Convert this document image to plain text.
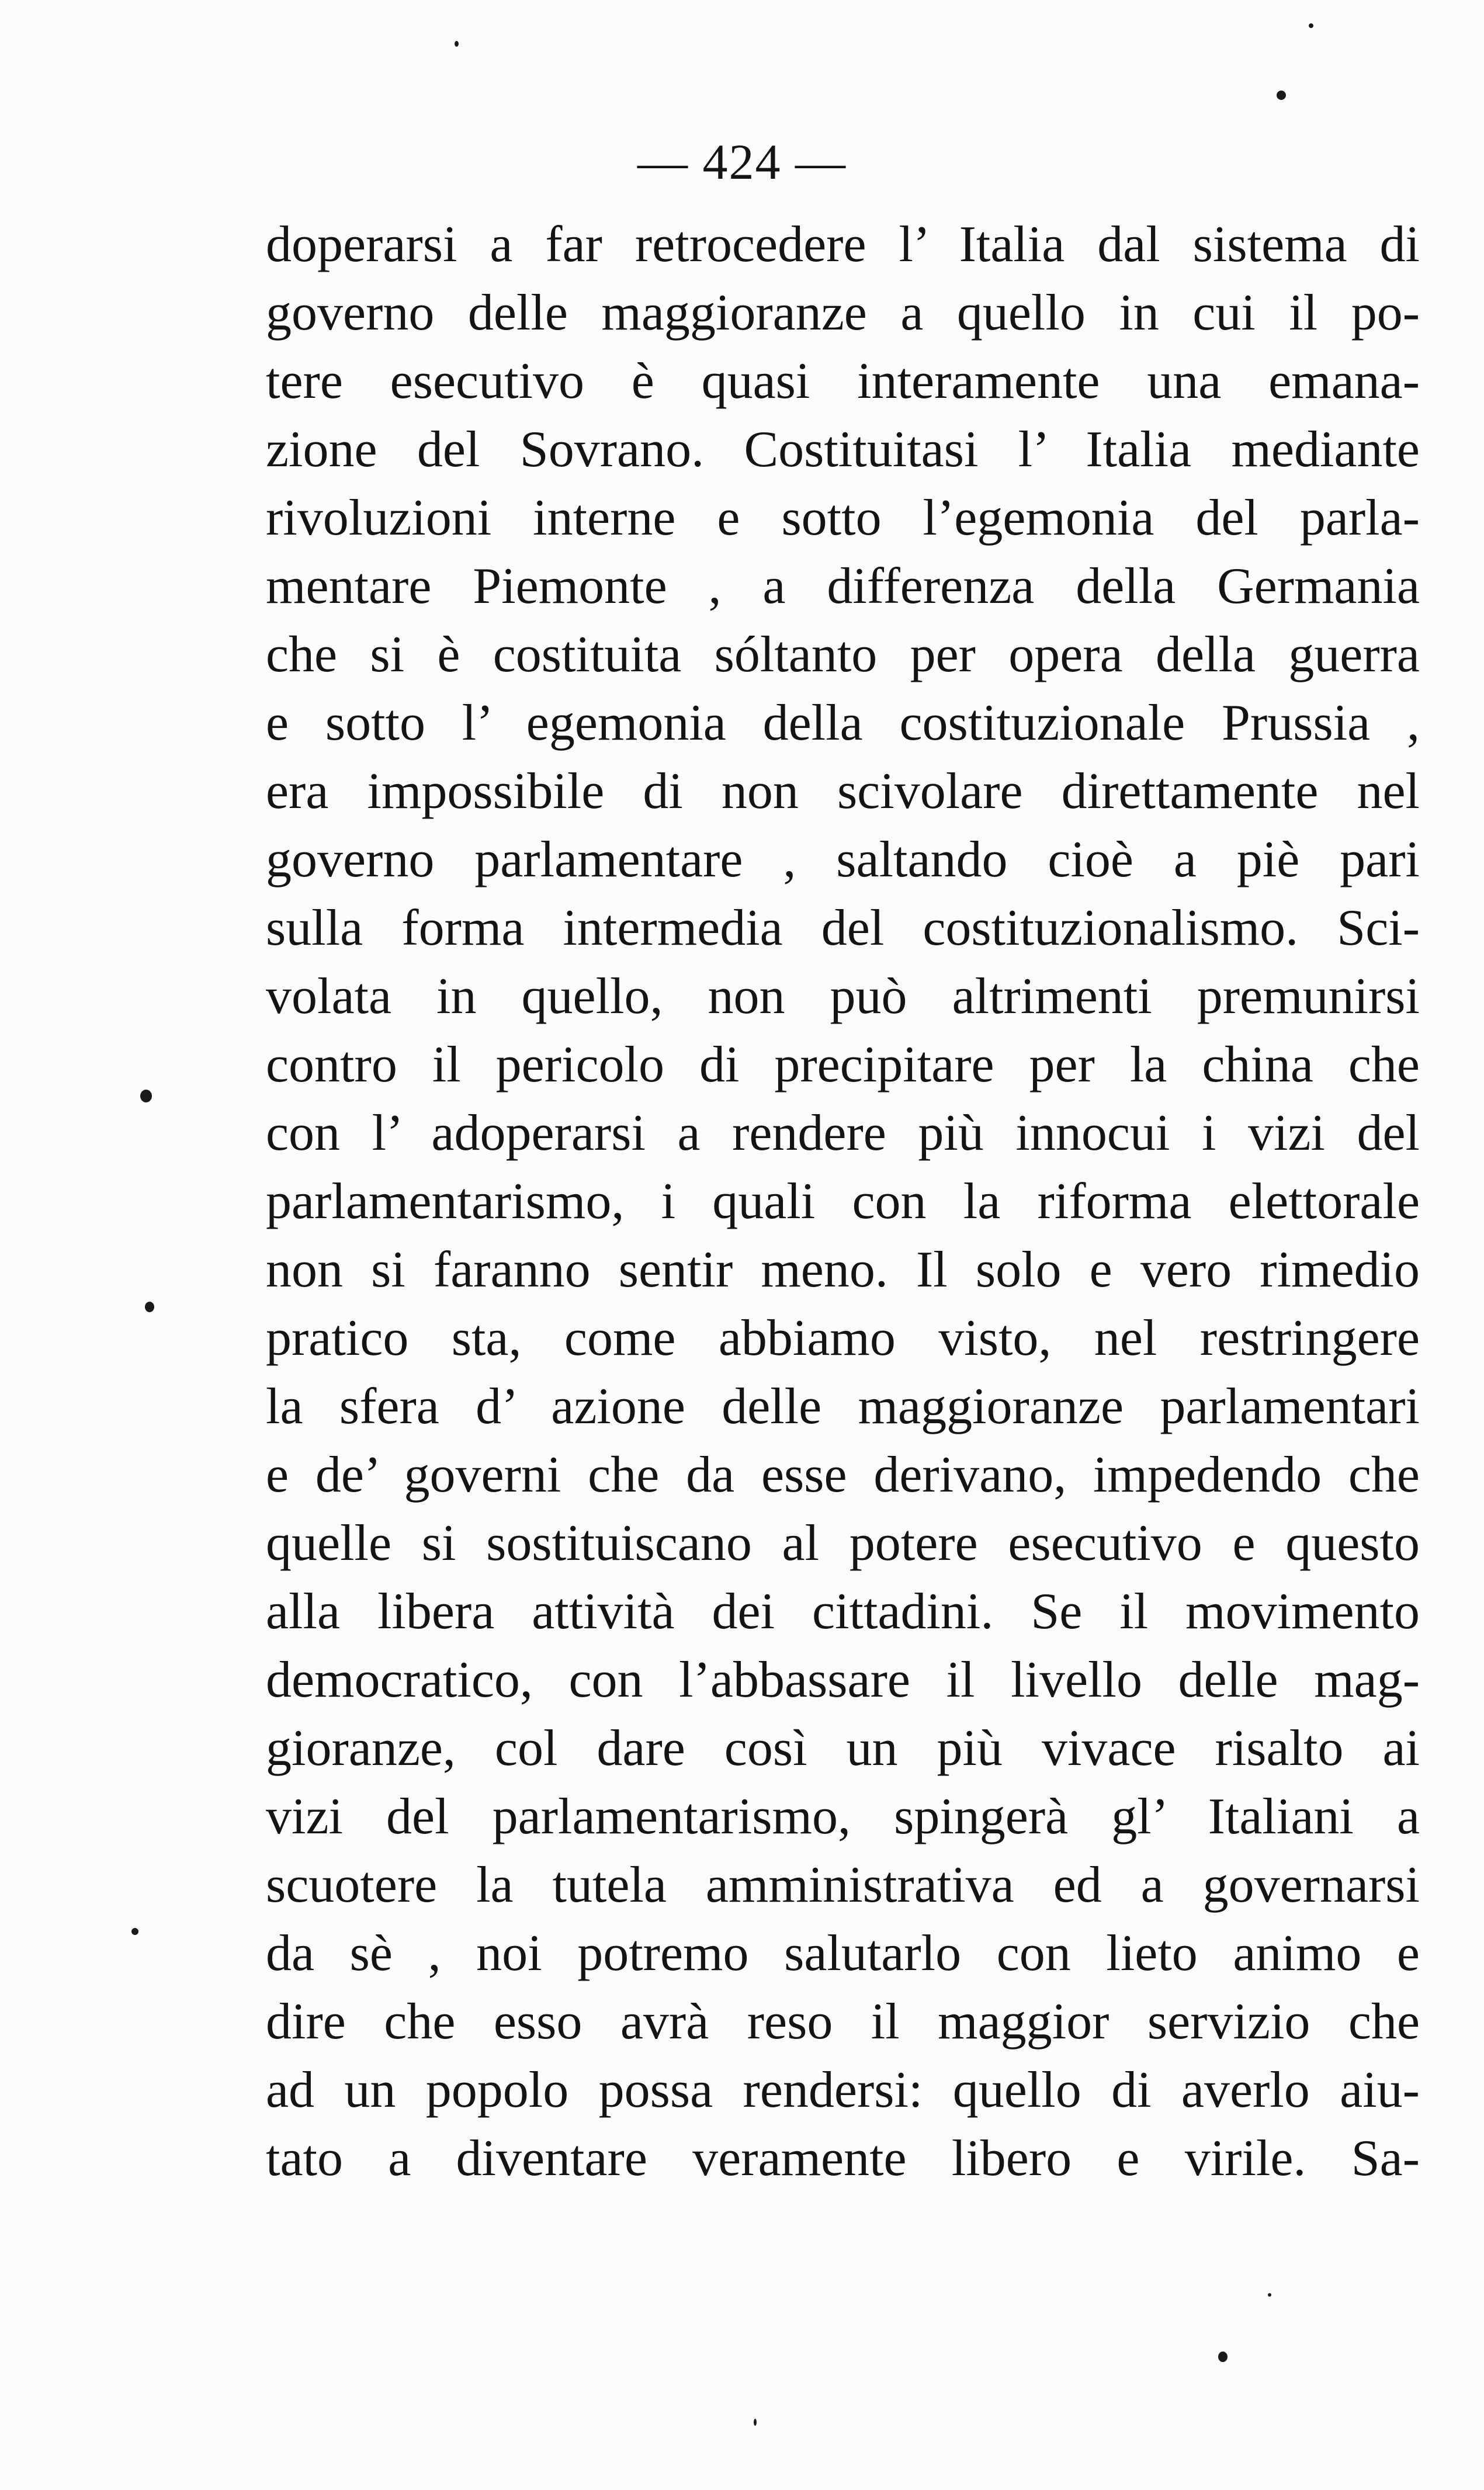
— 424 —
doperarsi a far retrocedere l’ Italia dal sistema di
governo delle maggioranze a quello in cui il po-
tere esecutivo è quasi interamente una emana-
zione del Sovrano. Costituitasi l’ Italia mediante
rivoluzioni interne e sotto l’egemonia del parla-
mentare Piemonte , a differenza della Germania
che si è costituita sóltanto per opera della guerra
e sotto l’ egemonia della costituzionale Prussia ,
era impossibile di non scivolare direttamente nel
governo parlamentare , saltando cioè a piè pari
sulla forma intermedia del costituzionalismo. Sci-
volata in quello, non può altrimenti premunirsi
contro il pericolo di precipitare per la china che
con l’ adoperarsi a rendere più innocui i vizi del
parlamentarismo, i quali con la riforma elettorale
non si faranno sentir meno. Il solo e vero rimedio
pratico sta, come abbiamo visto, nel restringere
la sfera d’ azione delle maggioranze parlamentari
e de’ governi che da esse derivano, impedendo che
quelle si sostituiscano al potere esecutivo e questo
alla libera attività dei cittadini. Se il movimento
democratico, con l’abbassare il livello delle mag-
gioranze, col dare così un più vivace risalto ai
vizi del parlamentarismo, spingerà gl’ Italiani a
scuotere la tutela amministrativa ed a governarsi
da sè , noi potremo salutarlo con lieto animo e
dire che esso avrà reso il maggior servizio che
ad un popolo possa rendersi: quello di averlo aiu-
tato a diventare veramente libero e virile. Sa-
